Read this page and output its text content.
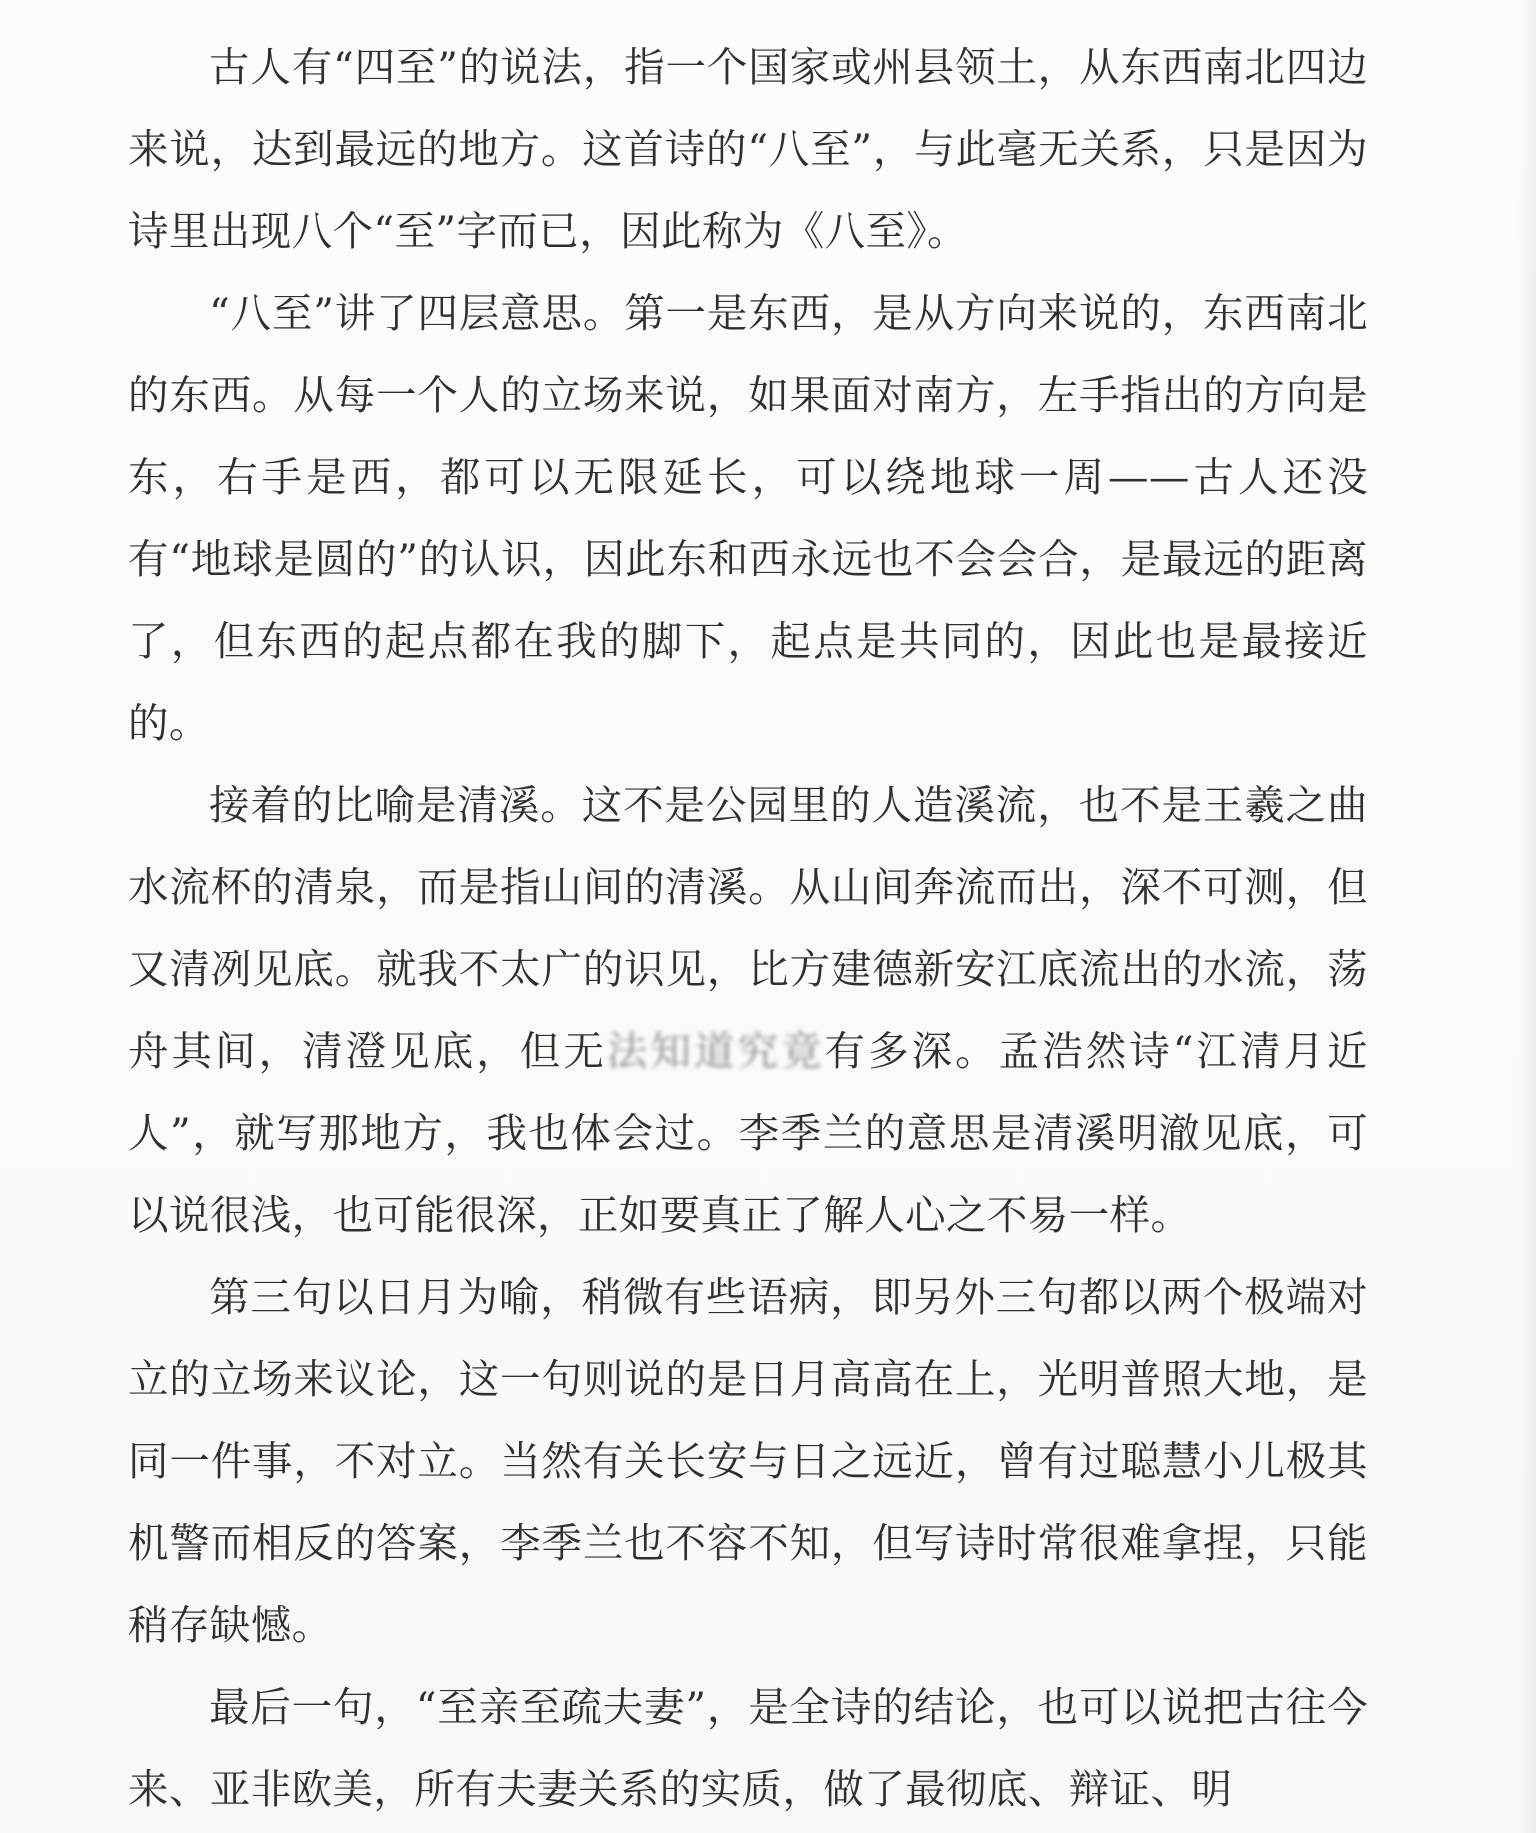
古人有“四至”的说法，指一个国家或州县领土，从东西南北四边来说，达到最远的地方。这首诗的“八至”，与此毫无关系，只是因为诗里出现八个“至”字而已，因此称为《八至》。

“八至”讲了四层意思。第一是东西，是从方向来说的，东西南北的东西。从每一个人的立场来说，如果面对南方，左手指出的方向是东，右手是西，都可以无限延长，可以绕地球一周——古人还没有“地球是圆的”的认识，因此东和西永远也不会会合，是最远的距离了，但东西的起点都在我的脚下，起点是共同的，因此也是最接近的。

接着的比喻是清溪。这不是公园里的人造溪流，也不是王羲之曲水流杯的清泉，而是指山间的清溪。从山间奔流而出，深不可测，但又清冽见底。就我不太广的识见，比方建德新安江底流出的水流，荡舟其间，清澄见底，但无法知道究竟有多深。孟浩然诗“江清月近人”，就写那地方，我也体会过。李季兰的意思是清溪明澈见底，可以说很浅，也可能很深，正如要真正了解人心之不易一样。

第三句以日月为喻，稍微有些语病，即另外三句都以两个极端对立的立场来议论，这一句则说的是日月高高在上，光明普照大地，是同一件事，不对立。当然有关长安与日之远近，曾有过聪慧小儿极其机警而相反的答案，李季兰也不容不知，但写诗时常很难拿捏，只能稍存缺憾。

最后一句，“至亲至疏夫妻”，是全诗的结论，也可以说把古往今来、亚非欧美，所有夫妻关系的实质，做了最彻底、辩证、明
